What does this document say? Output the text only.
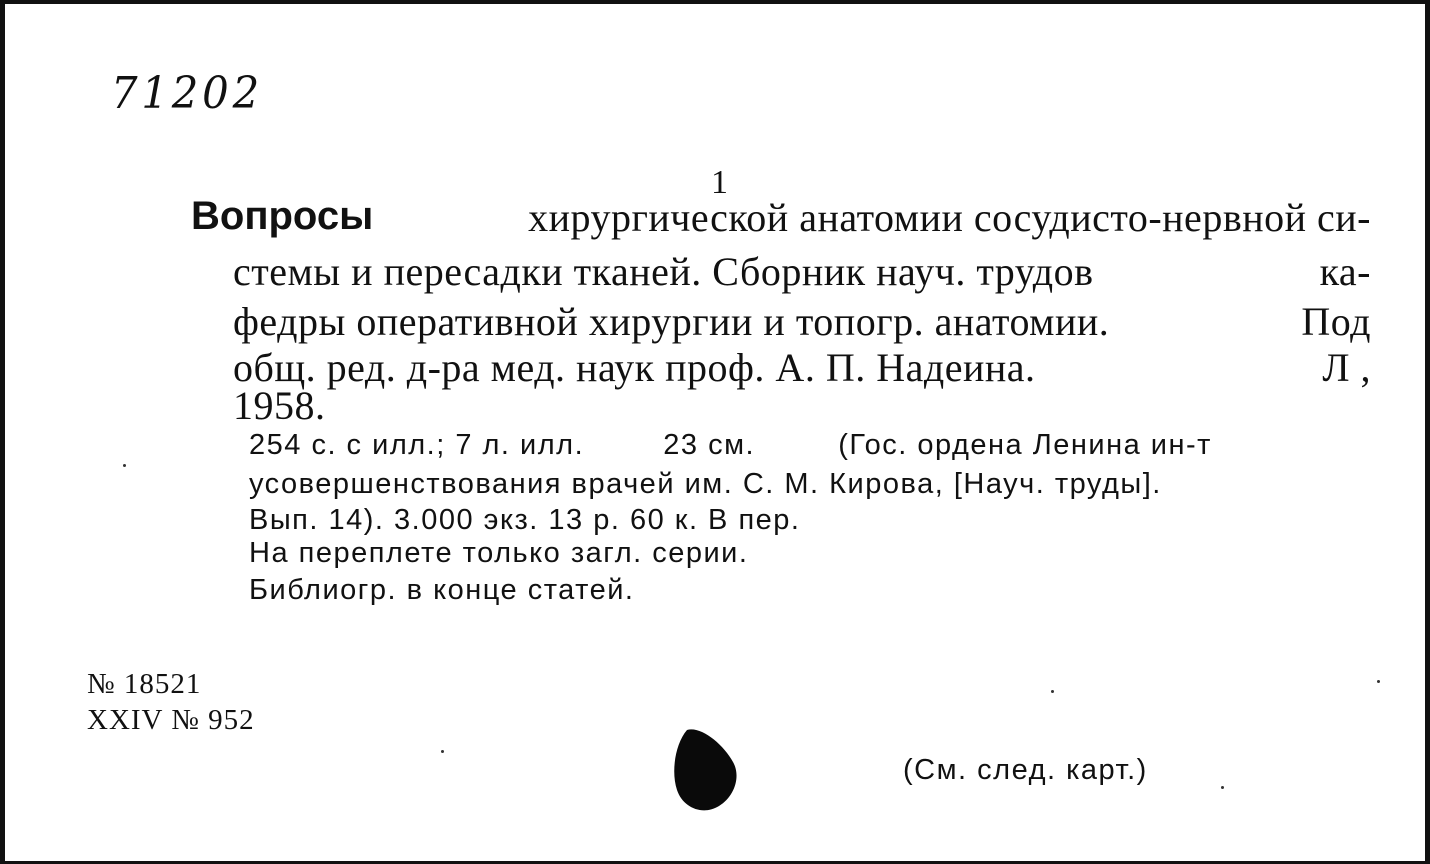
71202
1
Вопросы	хирургической анатомии сосудисто-нервной си-
стемы и пересадки тканей. Сборник науч. трудов	ка-
федры оперативной хирургии и топогр. анатомии.	Под
общ. ред. д-ра мед. наук проф. А. П. Надеина.	Л ,
1958.
254 с. с илл.; 7 л. илл.	23 см.	(Гос. ордена Ленина ин-т
усовершенствования врачей им. С. М. Кирова, [Науч. труды].
Вып. 14). 3.000 экз. 13 р. 60 к. В пер.
На переплете только загл. серии.
Библиогр. в конце статей.
№ 18521
XXIV № 952
(См. след. карт.)
